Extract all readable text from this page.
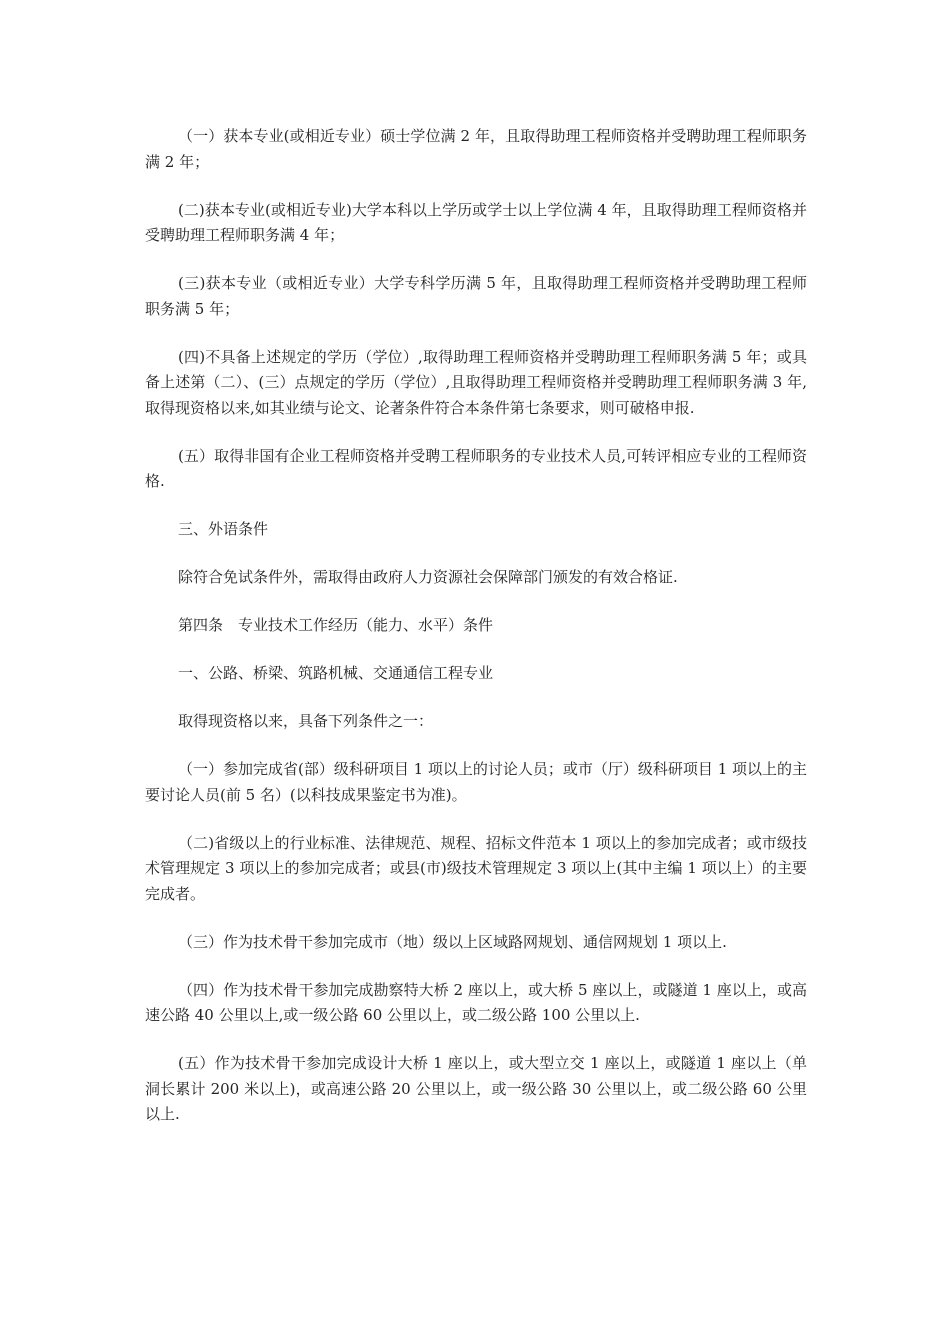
（一）获本专业(或相近专业）硕士学位满 2 年，且取得助理工程师资格并受聘助理工程师职务满 2 年；

(二)获本专业(或相近专业)大学本科以上学历或学士以上学位满 4 年，且取得助理工程师资格并受聘助理工程师职务满 4 年；

(三)获本专业（或相近专业）大学专科学历满 5 年，且取得助理工程师资格并受聘助理工程师职务满 5 年；

(四)不具备上述规定的学历（学位）,取得助理工程师资格并受聘助理工程师职务满 5 年；或具备上述第（二）、(三）点规定的学历（学位）,且取得助理工程师资格并受聘助理工程师职务满 3 年,取得现资格以来,如其业绩与论文、论著条件符合本条件第七条要求，则可破格申报.

(五）取得非国有企业工程师资格并受聘工程师职务的专业技术人员,可转评相应专业的工程师资格.

三、外语条件

除符合免试条件外，需取得由政府人力资源社会保障部门颁发的有效合格证.

第四条　专业技术工作经历（能力、水平）条件

一、公路、桥梁、筑路机械、交通通信工程专业

取得现资格以来，具备下列条件之一：

（一）参加完成省(部）级科研项目 1 项以上的讨论人员；或市（厅）级科研项目 1 项以上的主要讨论人员(前 5 名）(以科技成果鉴定书为准)。

（二)省级以上的行业标准、法律规范、规程、招标文件范本 1 项以上的参加完成者；或市级技术管理规定 3 项以上的参加完成者；或县(市)级技术管理规定 3 项以上(其中主编 1 项以上）的主要完成者。

（三）作为技术骨干参加完成市（地）级以上区域路网规划、通信网规划 1 项以上.

（四）作为技术骨干参加完成勘察特大桥 2 座以上，或大桥 5 座以上，或隧道 1 座以上，或高速公路 40 公里以上,或一级公路 60 公里以上，或二级公路 100 公里以上.

(五）作为技术骨干参加完成设计大桥 1 座以上，或大型立交 1 座以上，或隧道 1 座以上（单洞长累计 200 米以上)，或高速公路 20 公里以上，或一级公路 30 公里以上，或二级公路 60 公里以上.
